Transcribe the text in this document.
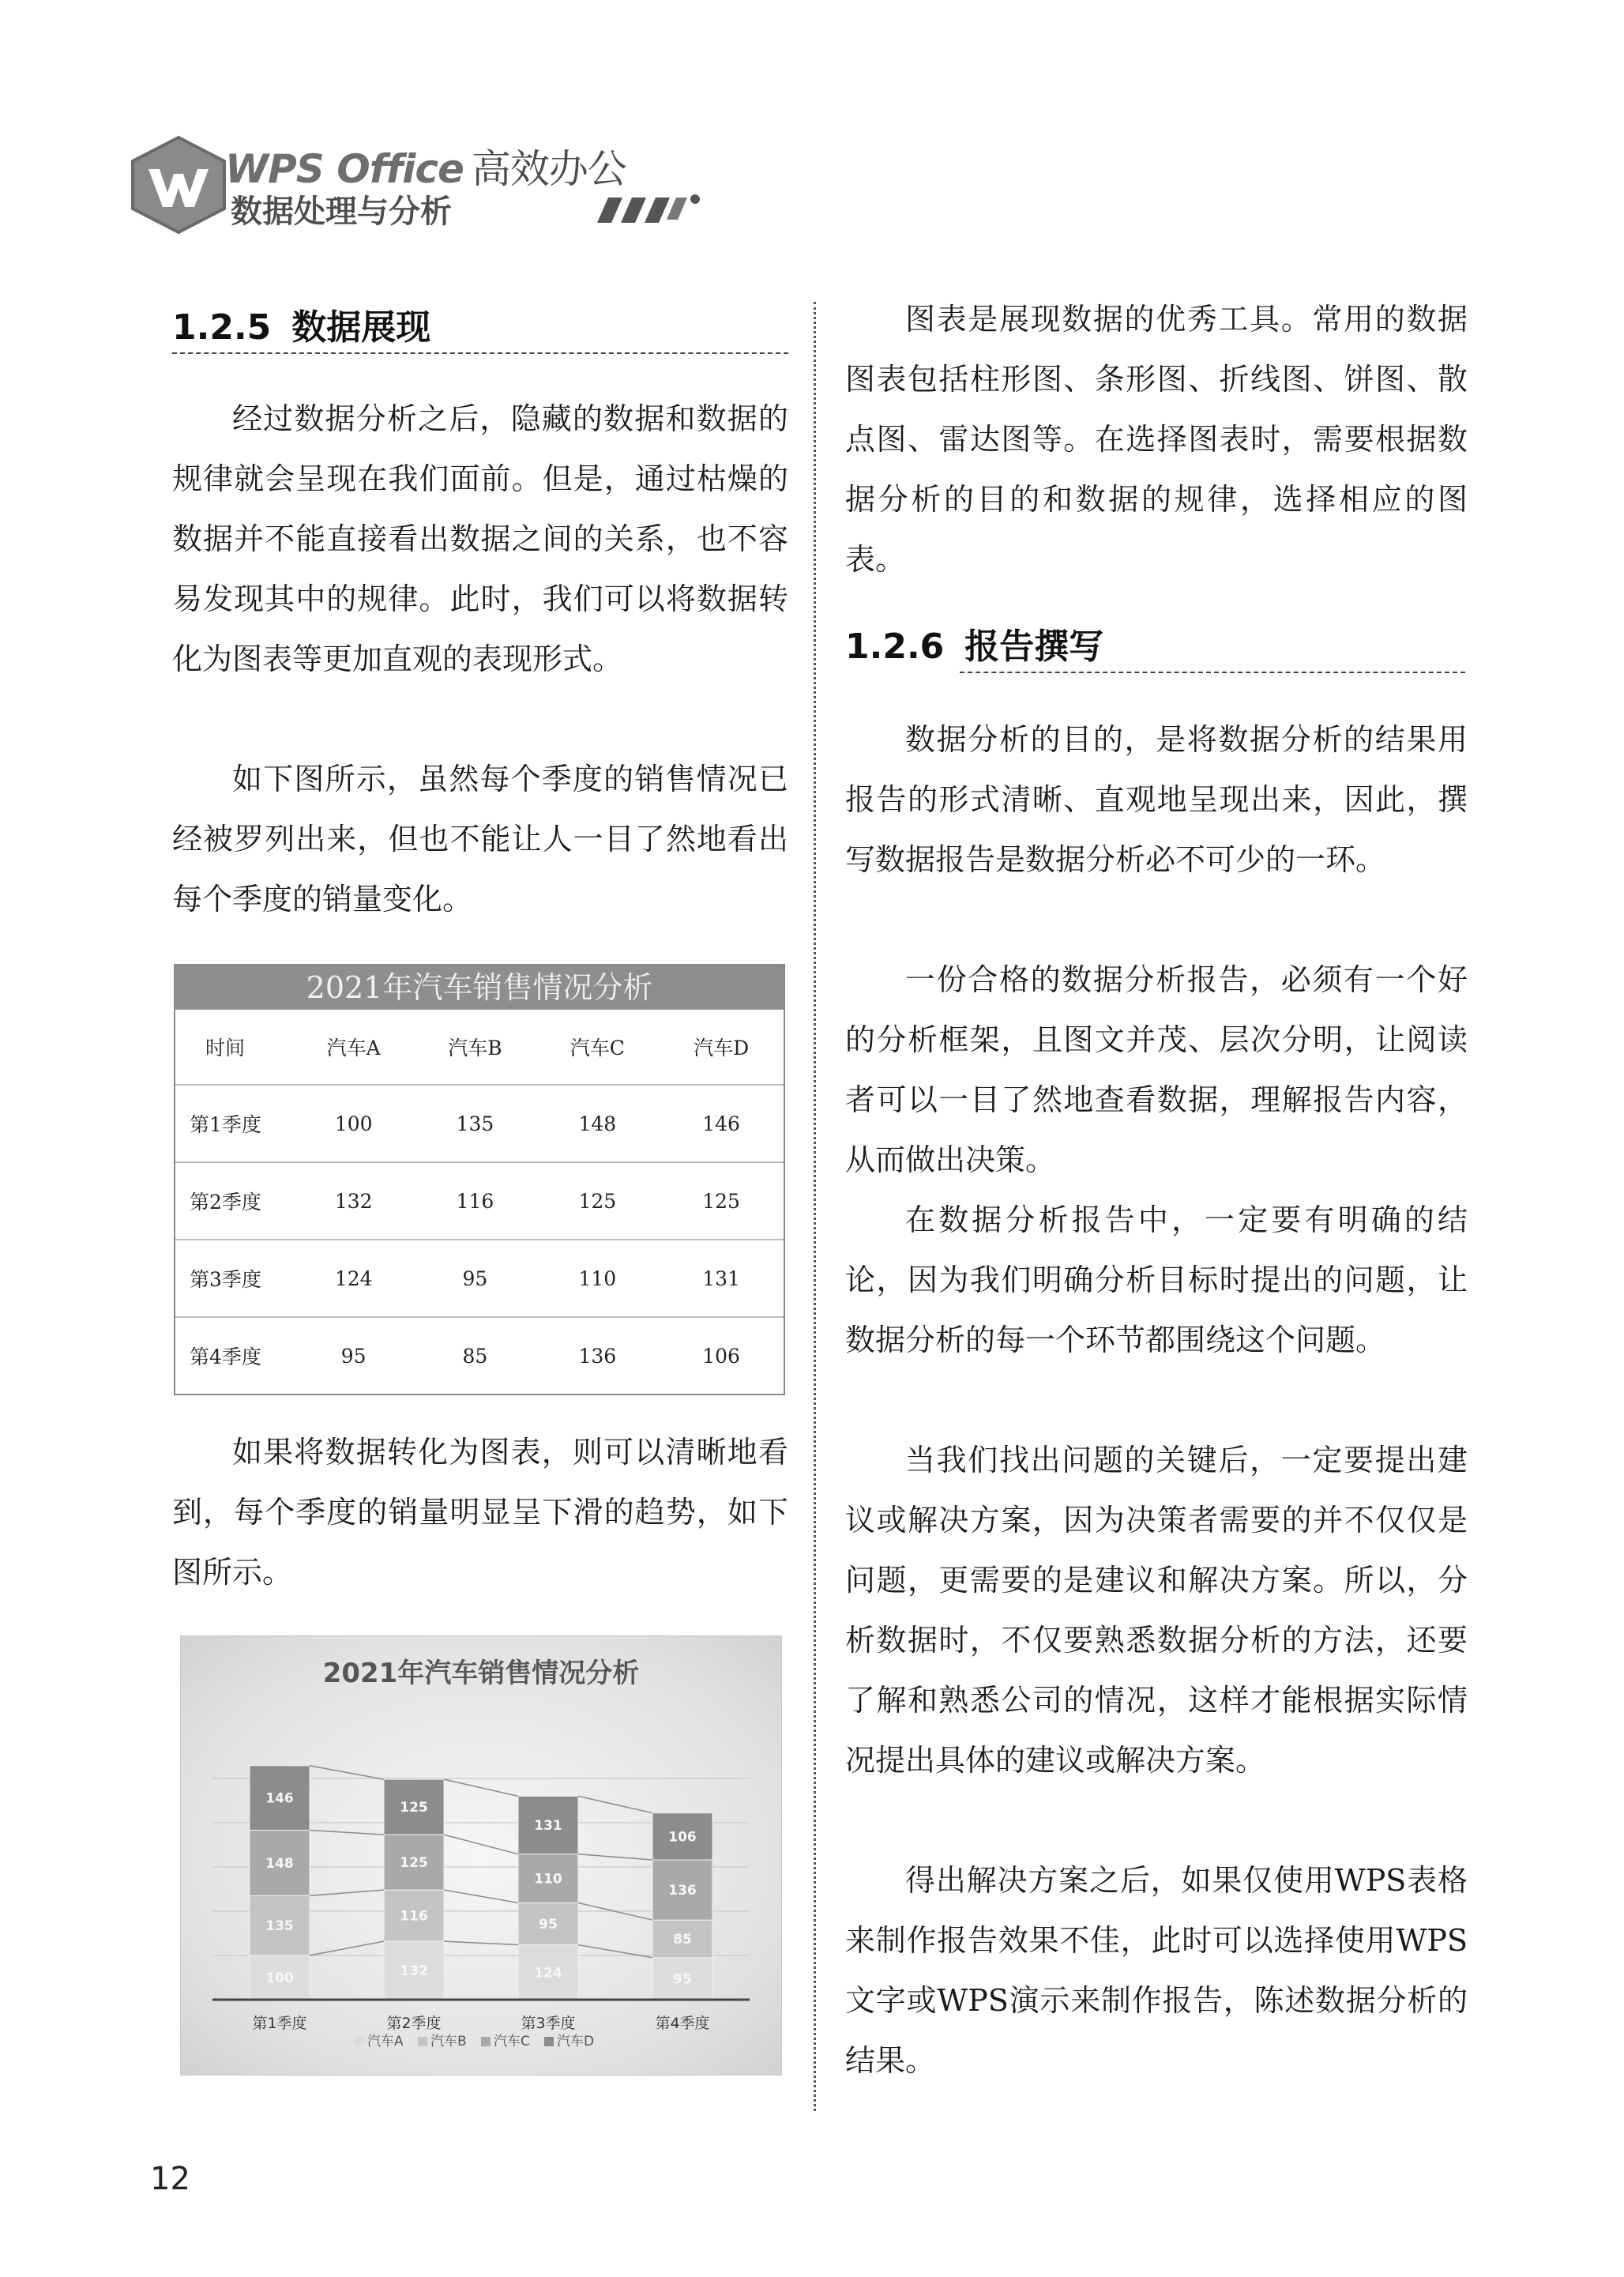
WPS Office 高效办公
数据处理与分析
1.2.5 数据展现
经过数据分析之后，隐藏的数据和数据的规律就会呈现在我们面前。但是，通过枯燥的数据并不能直接看出数据之间的关系，也不容易发现其中的规律。此时，我们可以将数据转化为图表等更加直观的表现形式。
如下图所示，虽然每个季度的销售情况已经被罗列出来，但也不能让人一目了然地看出每个季度的销量变化。
2021年汽车销售情况分析
时间	汽车A	汽车B	汽车C	汽车D
第1季度	100	135	148	146
第2季度	132	116	125	125
第3季度	124	95	110	131
第4季度	95	85	136	106
如果将数据转化为图表，则可以清晰地看到，每个季度的销量明显呈下滑的趋势，如下图所示。
2021年汽车销售情况分析
100
135
148
146
第1季度
132
116
125
125
第2季度
124
95
110
131
第3季度
95
85
136
106
第4季度
汽车A 汽车B 汽车C 汽车D
图表是展现数据的优秀工具。常用的数据图表包括柱形图、条形图、折线图、饼图、散点图、雷达图等。在选择图表时，需要根据数据分析的目的和数据的规律，选择相应的图表。
1.2.6 报告撰写
数据分析的目的，是将数据分析的结果用报告的形式清晰、直观地呈现出来，因此，撰写数据报告是数据分析必不可少的一环。
一份合格的数据分析报告，必须有一个好的分析框架，且图文并茂、层次分明，让阅读者可以一目了然地查看数据，理解报告内容，从而做出决策。
在数据分析报告中，一定要有明确的结论，因为我们明确分析目标时提出的问题，让数据分析的每一个环节都围绕这个问题。
当我们找出问题的关键后，一定要提出建议或解决方案，因为决策者需要的并不仅仅是问题，更需要的是建议和解决方案。所以，分析数据时，不仅要熟悉数据分析的方法，还要了解和熟悉公司的情况，这样才能根据实际情况提出具体的建议或解决方案。
得出解决方案之后，如果仅使用WPS表格来制作报告效果不佳，此时可以选择使用WPS文字或WPS演示来制作报告，陈述数据分析的结果。
12
